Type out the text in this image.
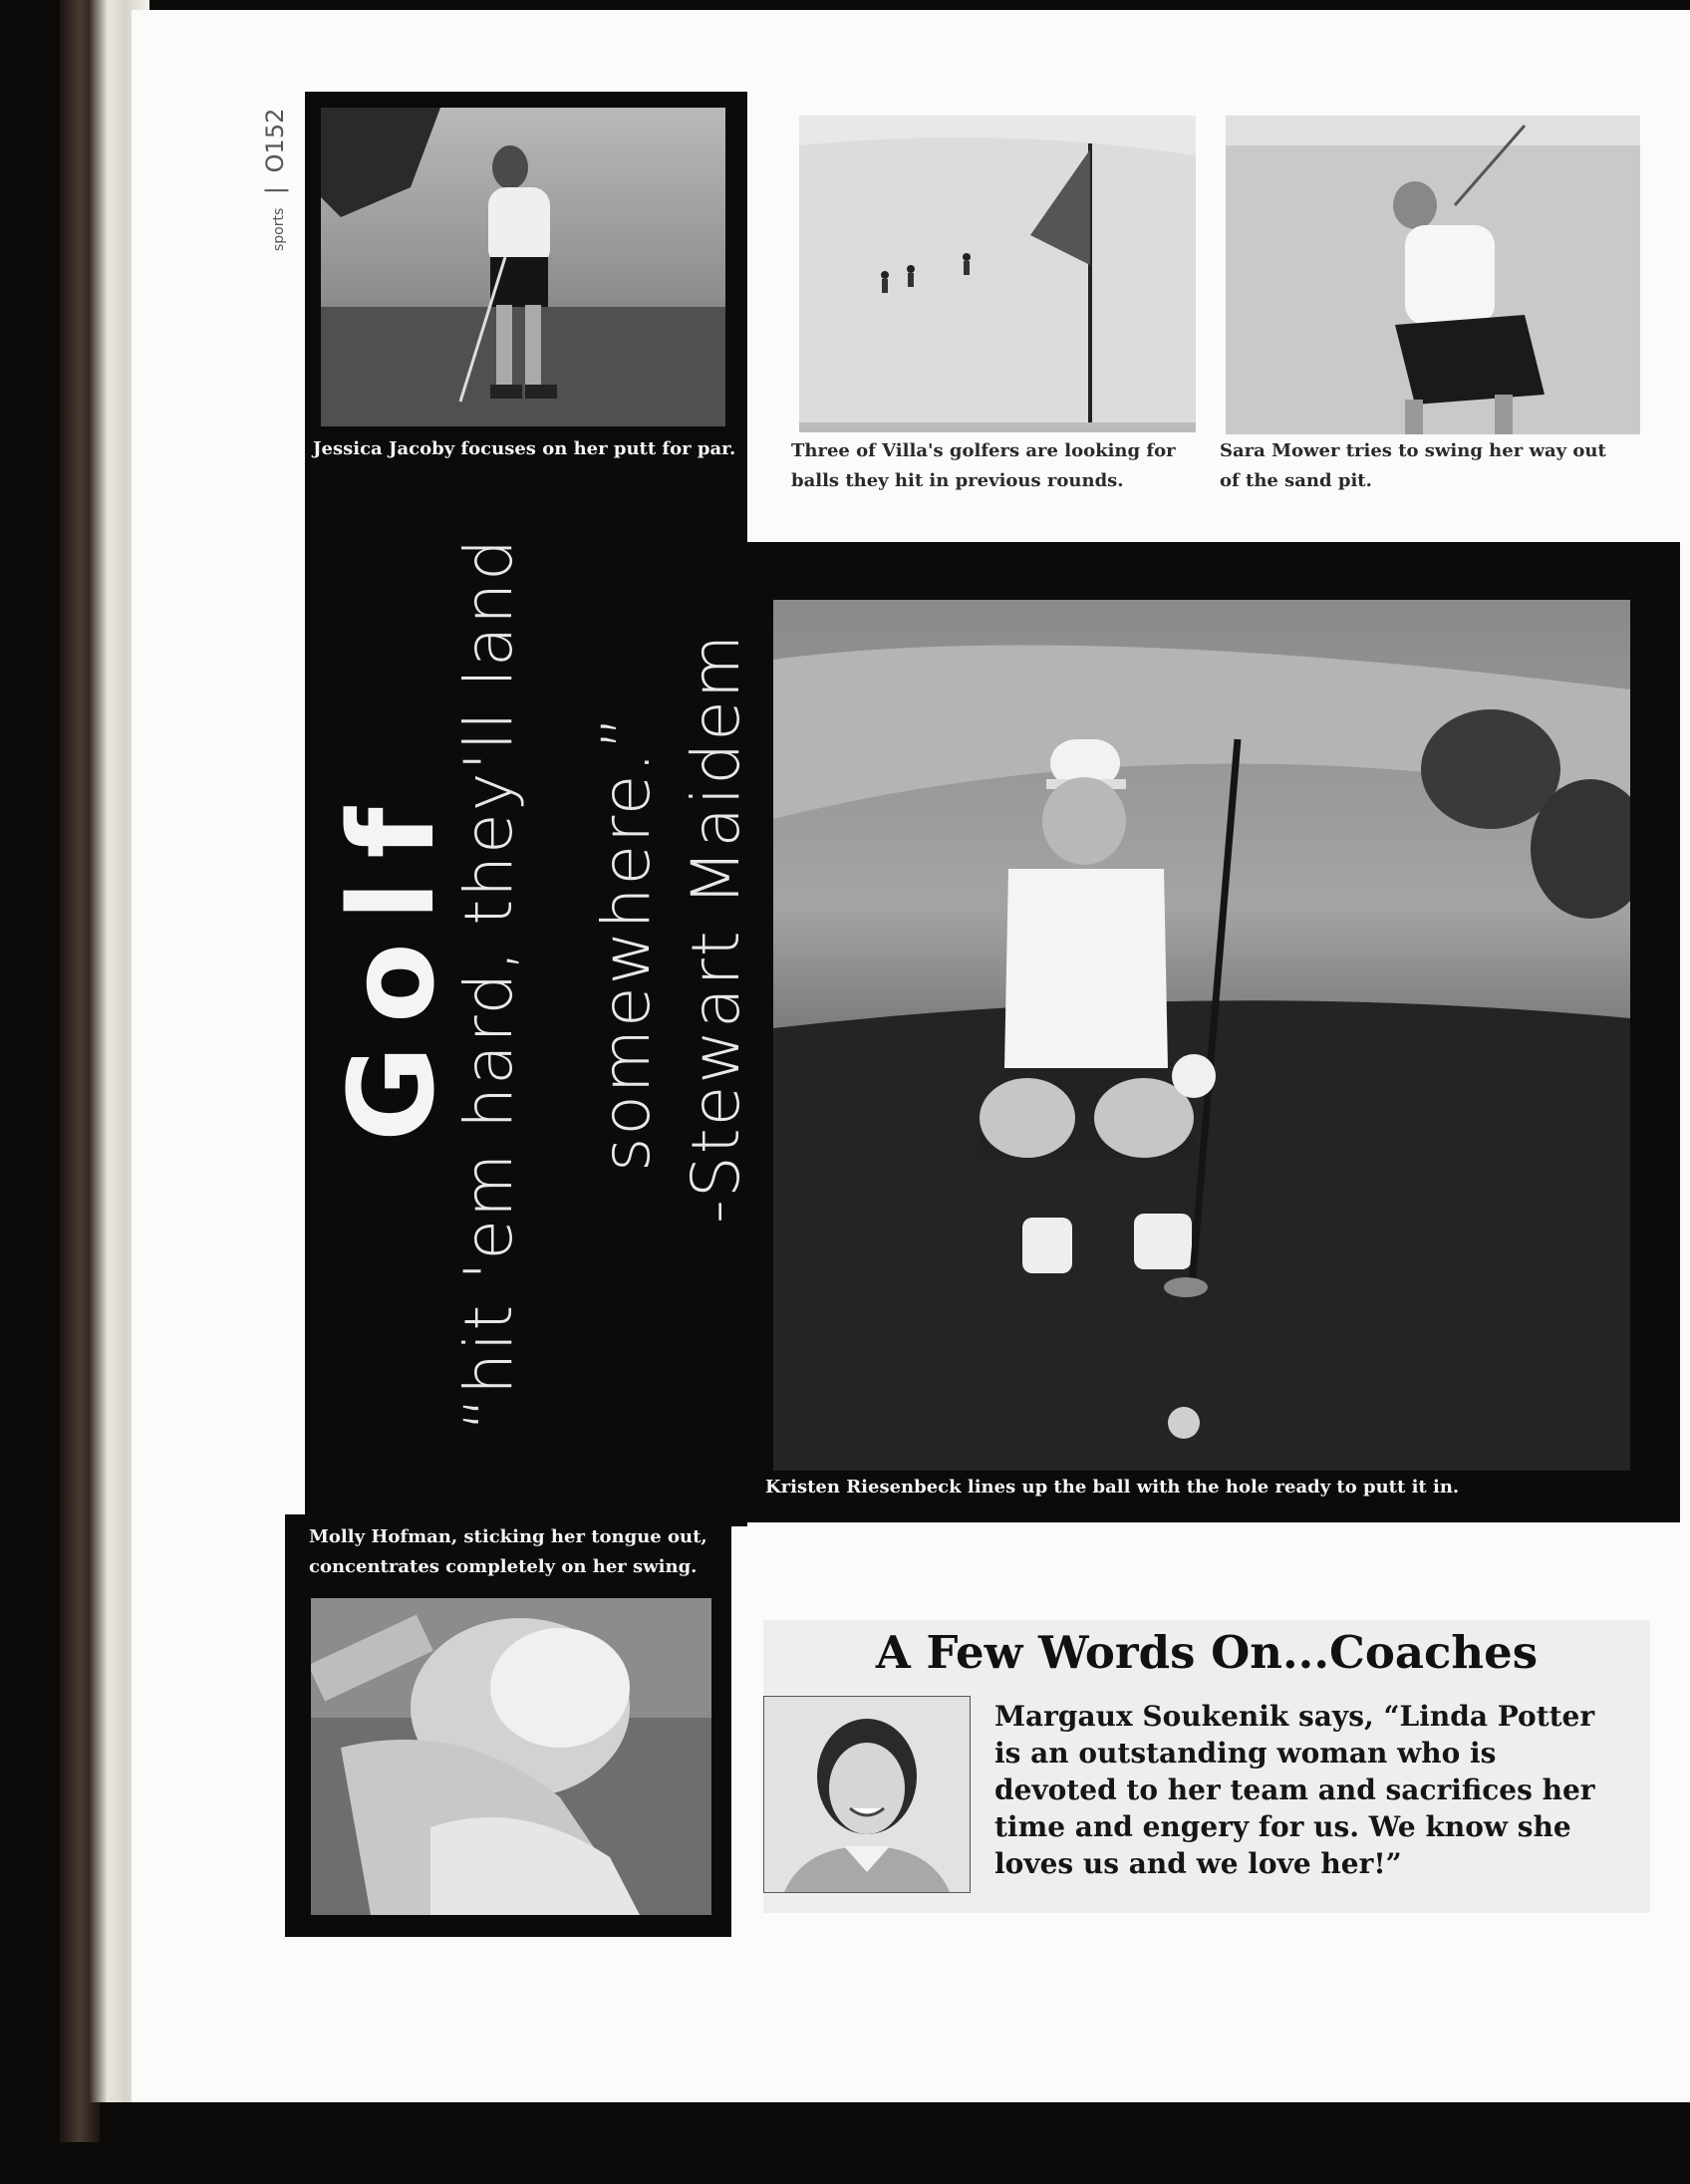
sports | O152
Jessica Jacoby focuses on her putt for par.	Three of Villa's golfers are looking for
balls they hit in previous rounds.
Sara Mower tries to swing her way out
of the sand pit.
Golf
“hit 'em hard, they'll land somewhere.” -Stewart Maidem
Kristen Riesenbeck lines up the ball with the hole ready to putt it in.
Molly Hofman, sticking her tongue out,
concentrates completely on her swing.
A Few Words On...Coaches
Margaux Soukenik says, “Linda Potter
is an outstanding woman who is
devoted to her team and sacrifices her
time and engery for us. We know she
loves us and we love her!”
